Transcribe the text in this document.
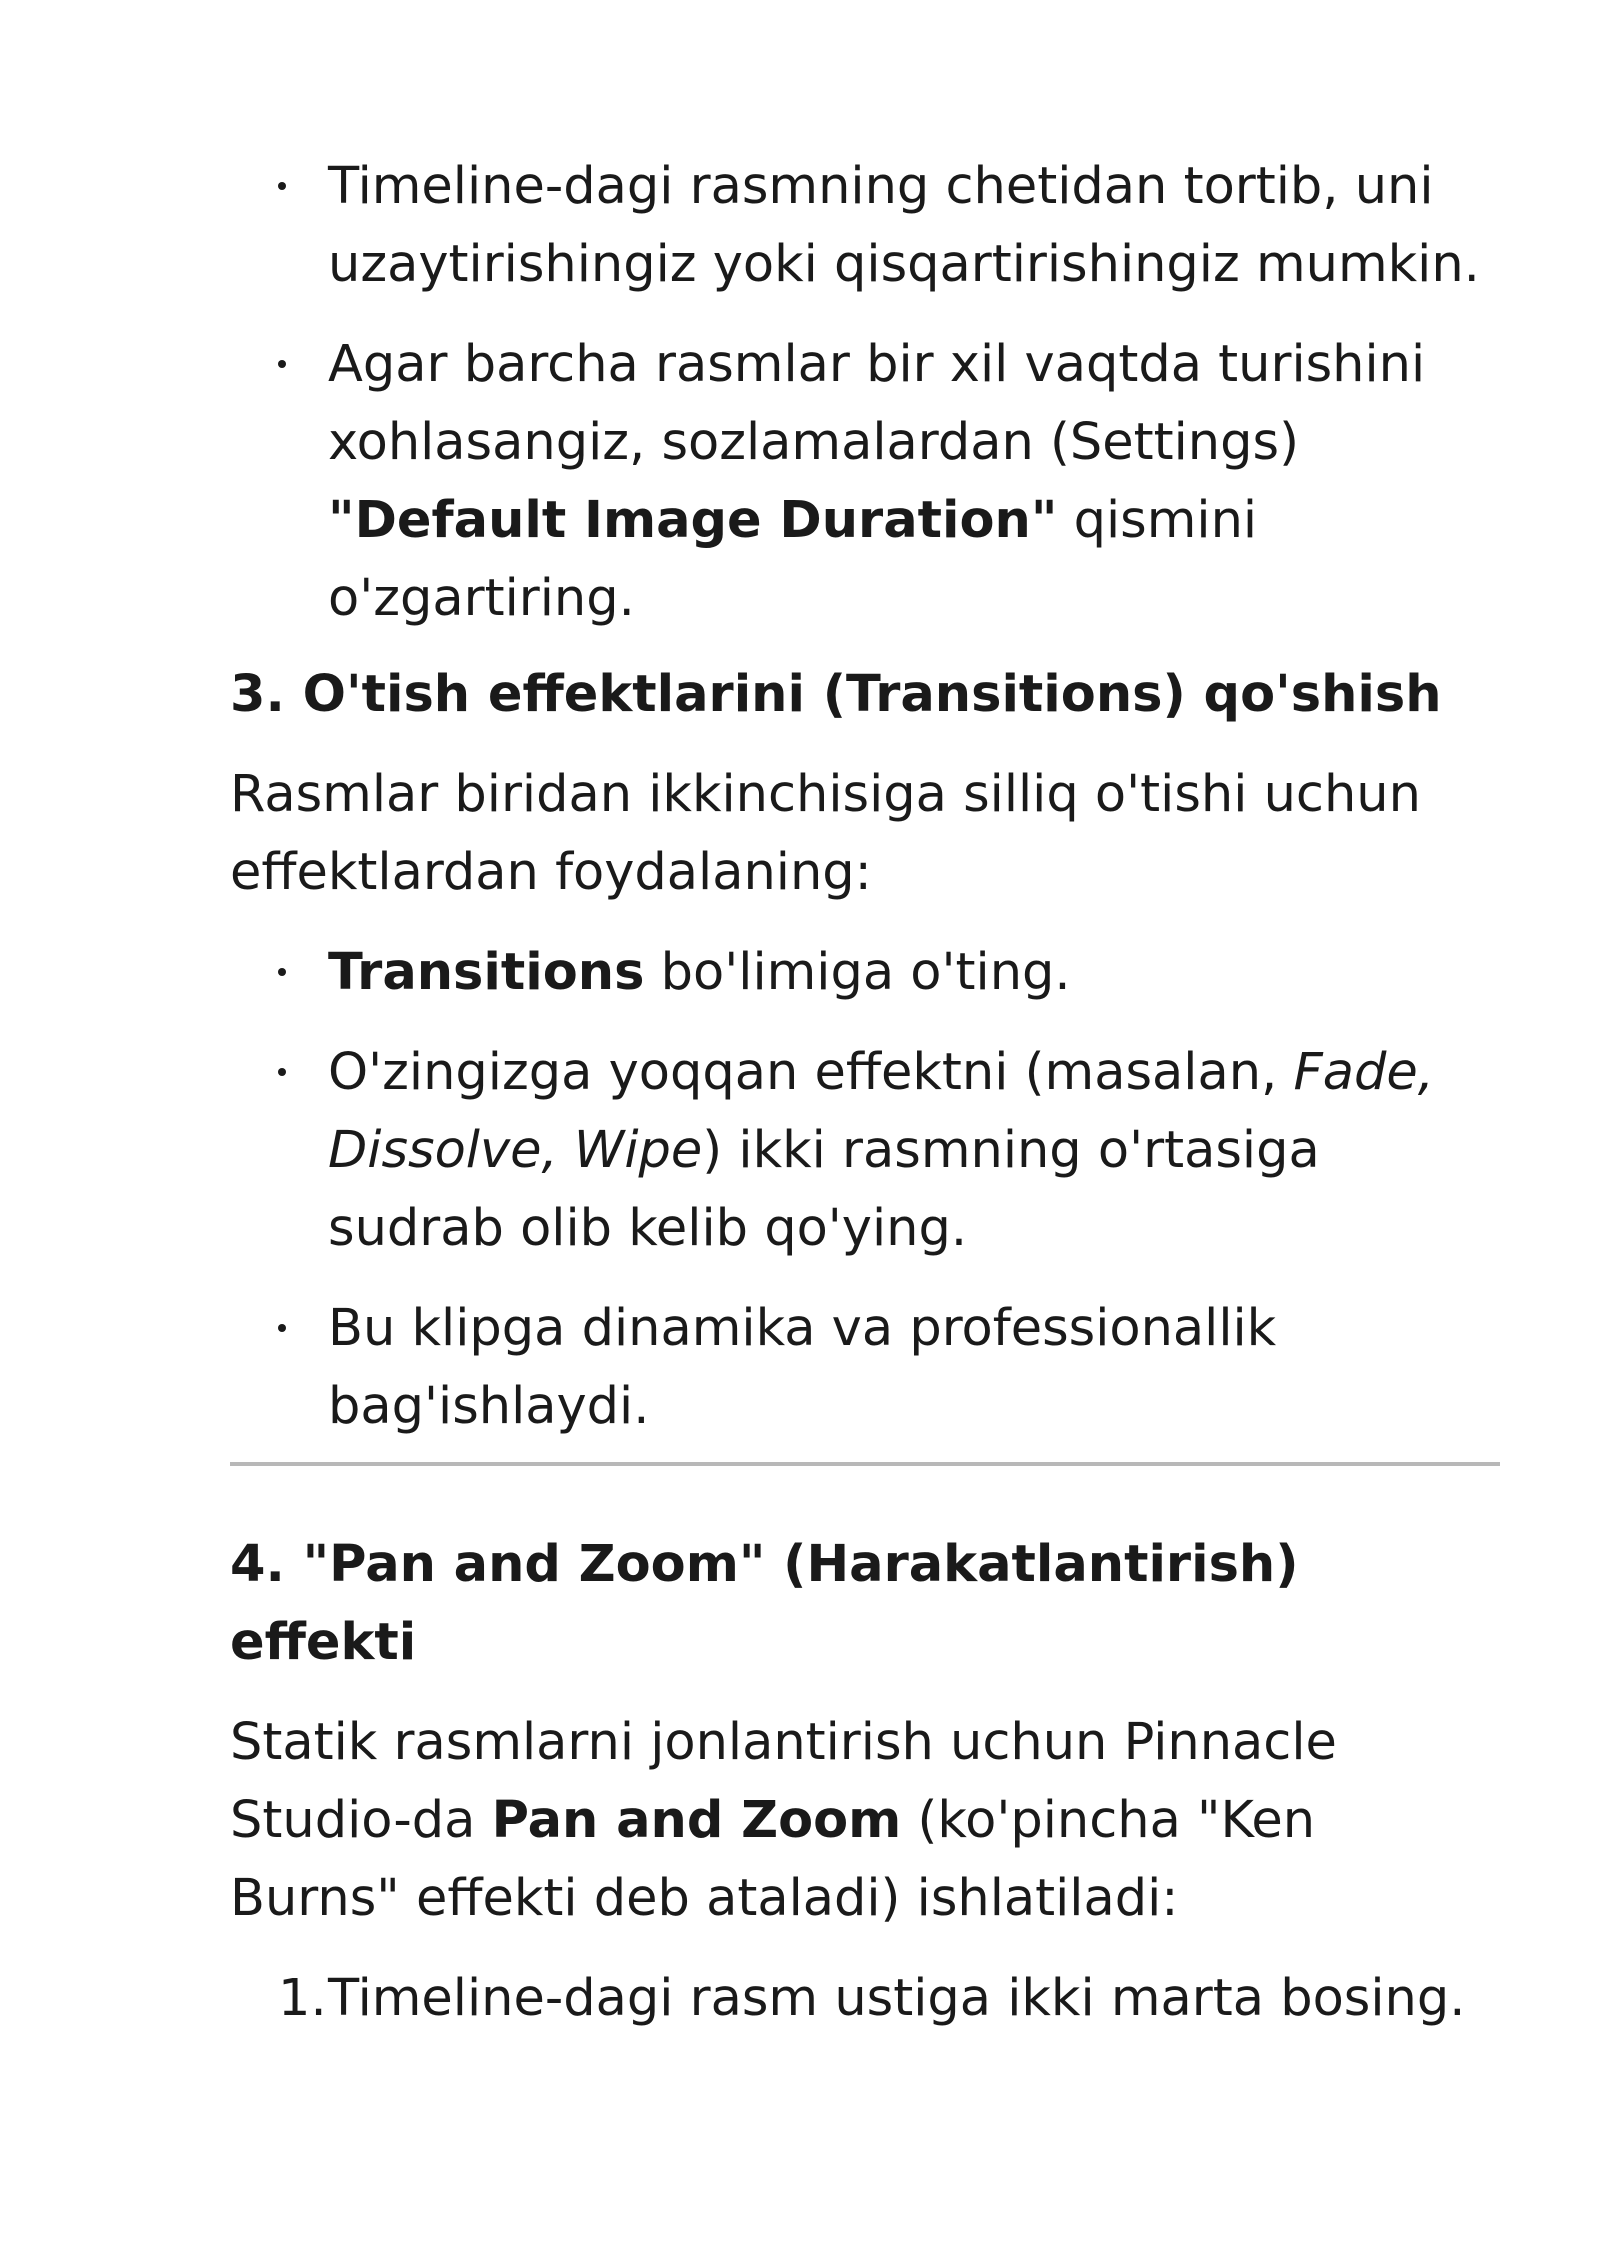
Timeline-dagi rasmning chetidan tortib, uni uzaytirishingiz yoki qisqartirishingiz mumkin.
Agar barcha rasmlar bir xil vaqtda turishini xohlasangiz, sozlamalardan (Settings) "Default Image Duration" qismini o'zgartiring.
3. O'tish effektlarini (Transitions) qo'shish

Rasmlar biridan ikkinchisiga silliq o'tishi uchun effektlardan foydalaning:

Transitions bo'limiga o'ting.
O'zingizga yoqqan effektni (masalan, Fade, Dissolve, Wipe) ikki rasmning o'rtasiga sudrab olib kelib qo'ying.
Bu klipga dinamika va professionallik bag'ishlaydi.
4. "Pan and Zoom" (Harakatlantirish) effekti

Statik rasmlarni jonlantirish uchun Pinnacle Studio-da Pan and Zoom (ko'pincha "Ken Burns" effekti deb ataladi) ishlatiladi:

1. Timeline-dagi rasm ustiga ikki marta bosing.
